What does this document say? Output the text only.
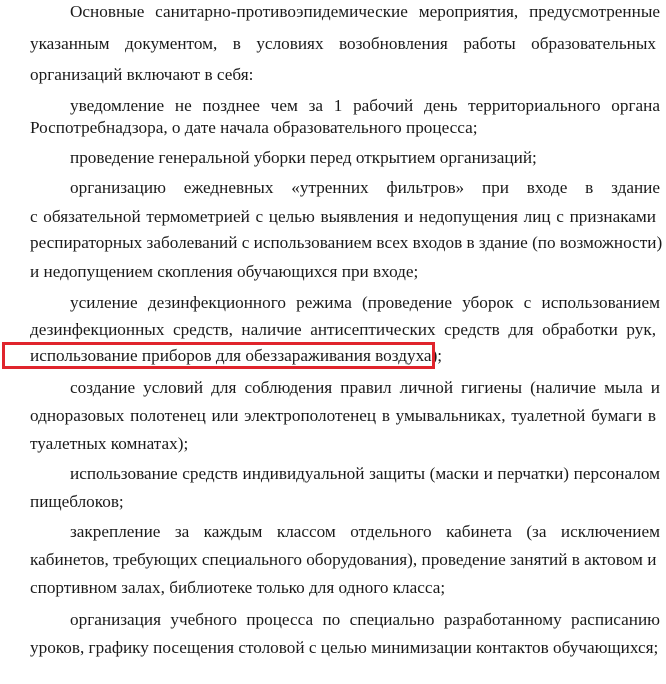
Основные санитарно-противоэпидемические мероприятия, предусмотренные
указанным документом, в условиях возобновления работы образовательных
организаций включают в себя:
уведомление не позднее чем за 1 рабочий день территориального органа
Роспотребнадзора, о дате начала образовательного процесса;
проведение генеральной уборки перед открытием организаций;
организацию ежедневных «утренних фильтров» при входе в здание
с обязательной термометрией с целью выявления и недопущения лиц с признаками
респираторных заболеваний с использованием всех входов в здание (по возможности)
и недопущением скопления обучающихся при входе;
усиление дезинфекционного режима (проведение уборок с использованием
дезинфекционных средств, наличие антисептических средств для обработки рук,
использование приборов для обеззараживания воздуха);
создание условий для соблюдения правил личной гигиены (наличие мыла и
одноразовых полотенец или электрополотенец в умывальниках, туалетной бумаги в
туалетных комнатах);
использование средств индивидуальной защиты (маски и перчатки) персоналом
пищеблоков;
закрепление за каждым классом отдельного кабинета (за исключением
кабинетов, требующих специального оборудования), проведение занятий в актовом и
спортивном залах, библиотеке только для одного класса;
организация учебного процесса по специально разработанному расписанию
уроков, графику посещения столовой с целью минимизации контактов обучающихся;
